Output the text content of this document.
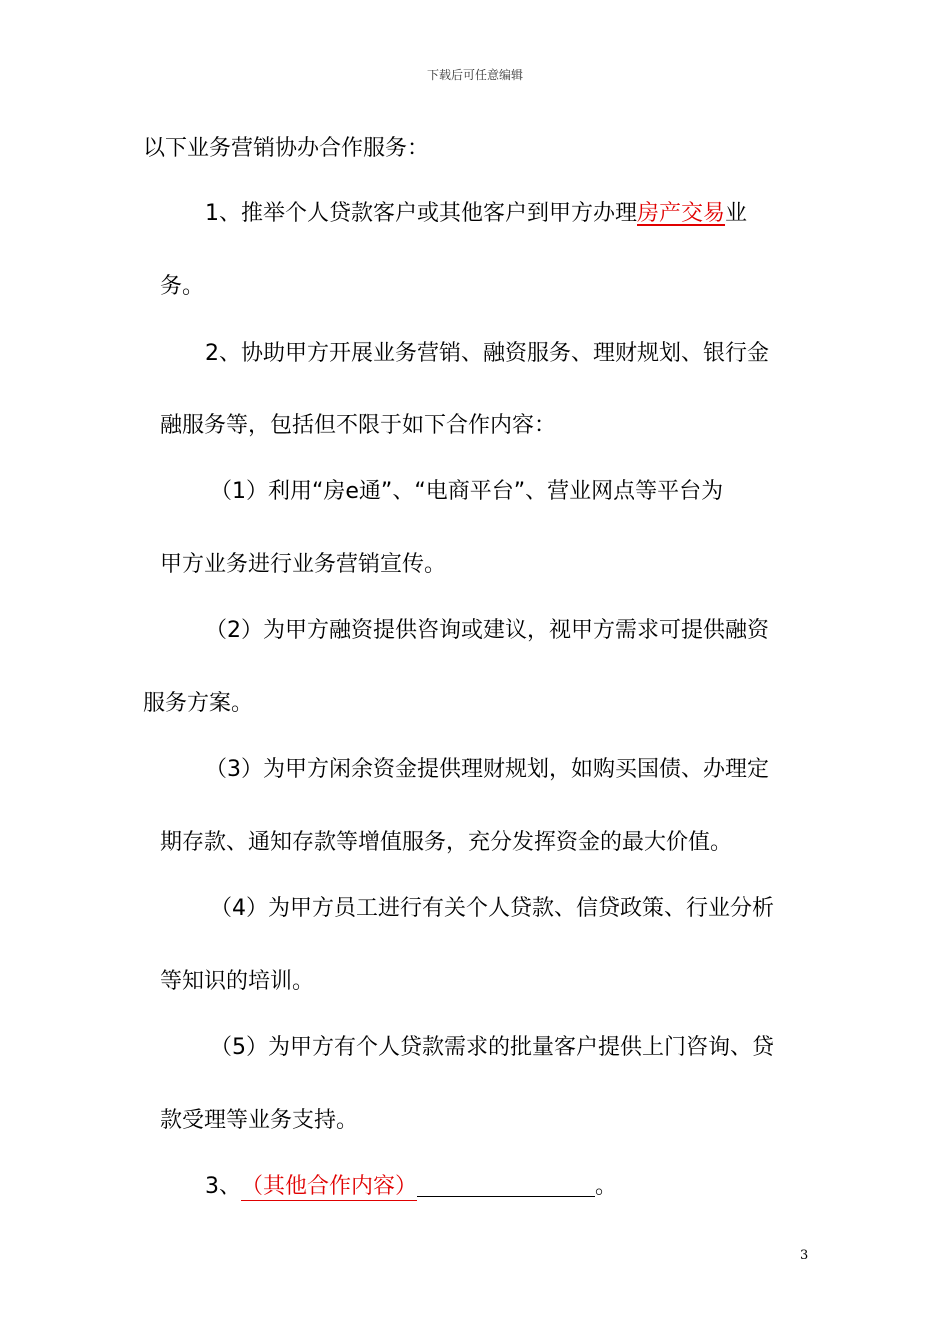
下载后可任意编辑
以下业务营销协办合作服务：
1、推举个人贷款客户或其他客户到甲方办理房产交易业
务。
2、协助甲方开展业务营销、融资服务、理财规划、银行金
融服务等，包括但不限于如下合作内容：
（1）利用“房e通”、“电商平台”、营业网点等平台为
甲方业务进行业务营销宣传。
（2）为甲方融资提供咨询或建议，视甲方需求可提供融资
服务方案。
（3）为甲方闲余资金提供理财规划，如购买国债、办理定
期存款、通知存款等增值服务，充分发挥资金的最大价值。
（4）为甲方员工进行有关个人贷款、信贷政策、行业分析
等知识的培训。
（5）为甲方有个人贷款需求的批量客户提供上门咨询、贷
款受理等业务支持。
3、（其他合作内容）	。
3
